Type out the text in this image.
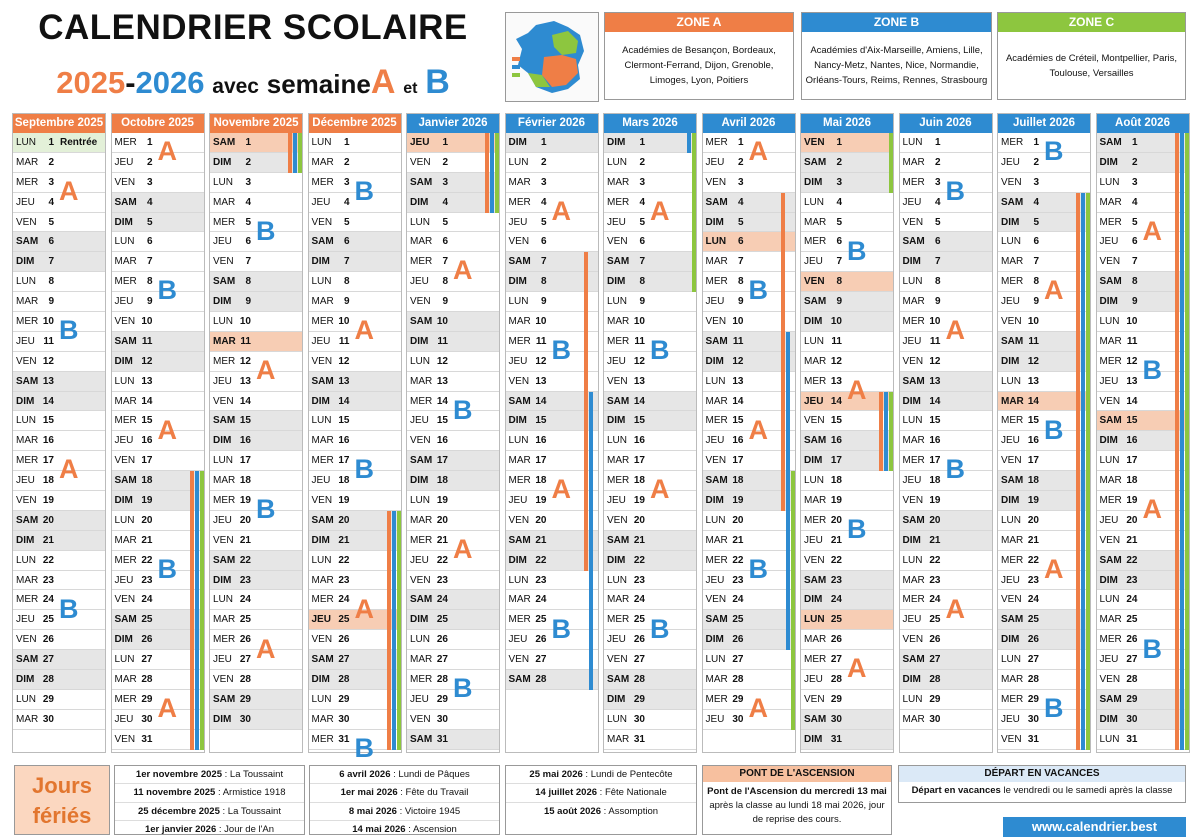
CALENDRIER SCOLAIRE
2025-2026 avec semaineA et B
ZONE A
Académies de Besançon, Bordeaux, Clermont-Ferrand, Dijon, Grenoble, Limoges, Lyon, Poitiers
ZONE B
Académies d'Aix-Marseille, Amiens, Lille, Nancy-Metz, Nantes, Nice, Normandie, Orléans-Tours, Reims, Rennes, Strasbourg
ZONE C
Académies de Créteil, Montpellier, Paris, Toulouse, Versailles
Septembre 2025
LUN	1 Rentrée
MAR	2
MER	3
JEU	4
VEN	5
SAM	6
DIM	7
LUN	8
MAR	9
MER 10
JEU 11
VEN 12
SAM 13
DIM 14
LUN 15
MAR 16
MER 17
JEU 18
VEN 19
SAM 20
DIM 21
LUN 22
MAR 23
MER 24
JEU 25
VEN 26
SAM 27
DIM 28
LUN 29
MAR 30
A
B
A
B
Octobre 2025
MER	1
JEU	2
VEN	3
SAM	4
DIM	5
LUN	6
MAR	7
MER	8
JEU	9
VEN 10
SAM 11
DIM 12
LUN 13
MAR 14
MER 15
JEU 16
VEN 17
SAM 18
DIM 19
LUN 20
MAR 21
MER 22
JEU 23
VEN 24
SAM 25
DIM 26
LUN 27
MAR 28
MER 29
JEU 30
VEN 31
A
B
A
B
A
Novembre 2025
SAM	1
DIM	2
LUN	3
MAR	4
MER	5
JEU	6
VEN	7
SAM	8
DIM	9
LUN 10
MAR 11
MER 12
JEU 13
VEN 14
SAM 15
DIM 16
LUN 17
MAR 18
MER 19
JEU 20
VEN 21
SAM 22
DIM 23
LUN 24
MAR 25
MER 26
JEU 27
VEN 28
SAM 29
DIM 30
B
A
B
A
Décembre 2025
LUN	1
MAR	2
MER	3
JEU	4
VEN	5
SAM	6
DIM	7
LUN	8
MAR	9
MER 10
JEU 11
VEN 12
SAM 13
DIM 14
LUN 15
MAR 16
MER 17
JEU 18
VEN 19
SAM 20
DIM 21
LUN 22
MAR 23
MER 24
JEU 25
VEN 26
SAM 27
DIM 28
LUN 29
MAR 30
MER 31
B
A
B
A
B
Janvier 2026
JEU	1
VEN	2
SAM	3
DIM	4
LUN	5
MAR	6
MER	7
JEU	8
VEN	9
SAM 10
DIM 11
LUN 12
MAR 13
MER 14
JEU 15
VEN 16
SAM 17
DIM 18
LUN 19
MAR 20
MER 21
JEU 22
VEN 23
SAM 24
DIM 25
LUN 26
MAR 27
MER 28
JEU 29
VEN 30
SAM 31
A
B
A
B
Février 2026
DIM	1
LUN	2
MAR	3
MER	4
JEU	5
VEN	6
SAM	7
DIM	8
LUN	9
MAR 10
MER 11
JEU 12
VEN 13
SAM 14
DIM 15
LUN 16
MAR 17
MER 18
JEU 19
VEN 20
SAM 21
DIM 22
LUN 23
MAR 24
MER 25
JEU 26
VEN 27
SAM 28
A
B
A
B
Mars 2026
DIM	1
LUN	2
MAR	3
MER	4
JEU	5
VEN	6
SAM	7
DIM	8
LUN	9
MAR 10
MER 11
JEU 12
VEN 13
SAM 14
DIM 15
LUN 16
MAR 17
MER 18
JEU 19
VEN 20
SAM 21
DIM 22
LUN 23
MAR 24
MER 25
JEU 26
VEN 27
SAM 28
DIM 29
LUN 30
MAR 31
A
B
A
B
Avril 2026
MER	1
JEU	2
VEN	3
SAM	4
DIM	5
LUN	6
MAR	7
MER	8
JEU	9
VEN 10
SAM 11
DIM 12
LUN 13
MAR 14
MER 15
JEU 16
VEN 17
SAM 18
DIM 19
LUN 20
MAR 21
MER 22
JEU 23
VEN 24
SAM 25
DIM 26
LUN 27
MAR 28
MER 29
JEU 30
A
B
A
B
A
Mai 2026
VEN	1
SAM	2
DIM	3
LUN	4
MAR	5
MER	6
JEU	7
VEN	8
SAM	9
DIM 10
LUN 11
MAR 12
MER 13
JEU 14
VEN 15
SAM 16
DIM 17
LUN 18
MAR 19
MER 20
JEU 21
VEN 22
SAM 23
DIM 24
LUN 25
MAR 26
MER 27
JEU 28
VEN 29
SAM 30
DIM 31
B
A
B
A
Juin 2026
LUN	1
MAR	2
MER	3
JEU	4
VEN	5
SAM	6
DIM	7
LUN	8
MAR	9
MER 10
JEU 11
VEN 12
SAM 13
DIM 14
LUN 15
MAR 16
MER 17
JEU 18
VEN 19
SAM 20
DIM 21
LUN 22
MAR 23
MER 24
JEU 25
VEN 26
SAM 27
DIM 28
LUN 29
MAR 30
B
A
B
A
Juillet 2026
MER	1
JEU	2
VEN	3
SAM	4
DIM	5
LUN	6
MAR	7
MER	8
JEU	9
VEN 10
SAM 11
DIM 12
LUN 13
MAR 14
MER 15
JEU 16
VEN 17
SAM 18
DIM 19
LUN 20
MAR 21
MER 22
JEU 23
VEN 24
SAM 25
DIM 26
LUN 27
MAR 28
MER 29
JEU 30
VEN 31
B
A
B
A
B
Août 2026
SAM	1
DIM	2
LUN	3
MAR	4
MER	5
JEU	6
VEN	7
SAM	8
DIM	9
LUN 10
MAR 11
MER 12
JEU 13
VEN 14
SAM 15
DIM 16
LUN 17
MAR 18
MER 19
JEU 20
VEN 21
SAM 22
DIM 23
LUN 24
MAR 25
MER 26
JEU 27
VEN 28
SAM 29
DIM 30
LUN 31
A
B
A
B
Jours
fériés
1er novembre 2025 : La Toussaint
11 novembre 2025 : Armistice 1918
25 décembre 2025 : La Toussaint
1er janvier 2026 : Jour de l'An
6 avril 2026 : Lundi de Pâques
1er mai 2026 : Fête du Travail
8 mai 2026 : Victoire 1945
14 mai 2026 : Ascension
25 mai 2026 : Lundi de Pentecôte
14 juillet 2026 : Fête Nationale
15 août 2026 : Assomption
PONT DE L'ASCENSION
Pont de l'Ascension du mercredi 13 mai après la classe au lundi 18 mai 2026, jour de reprise des cours.
DÉPART EN VACANCES
Départ en vacances le vendredi ou le samedi après la classe
www.calendrier.best
